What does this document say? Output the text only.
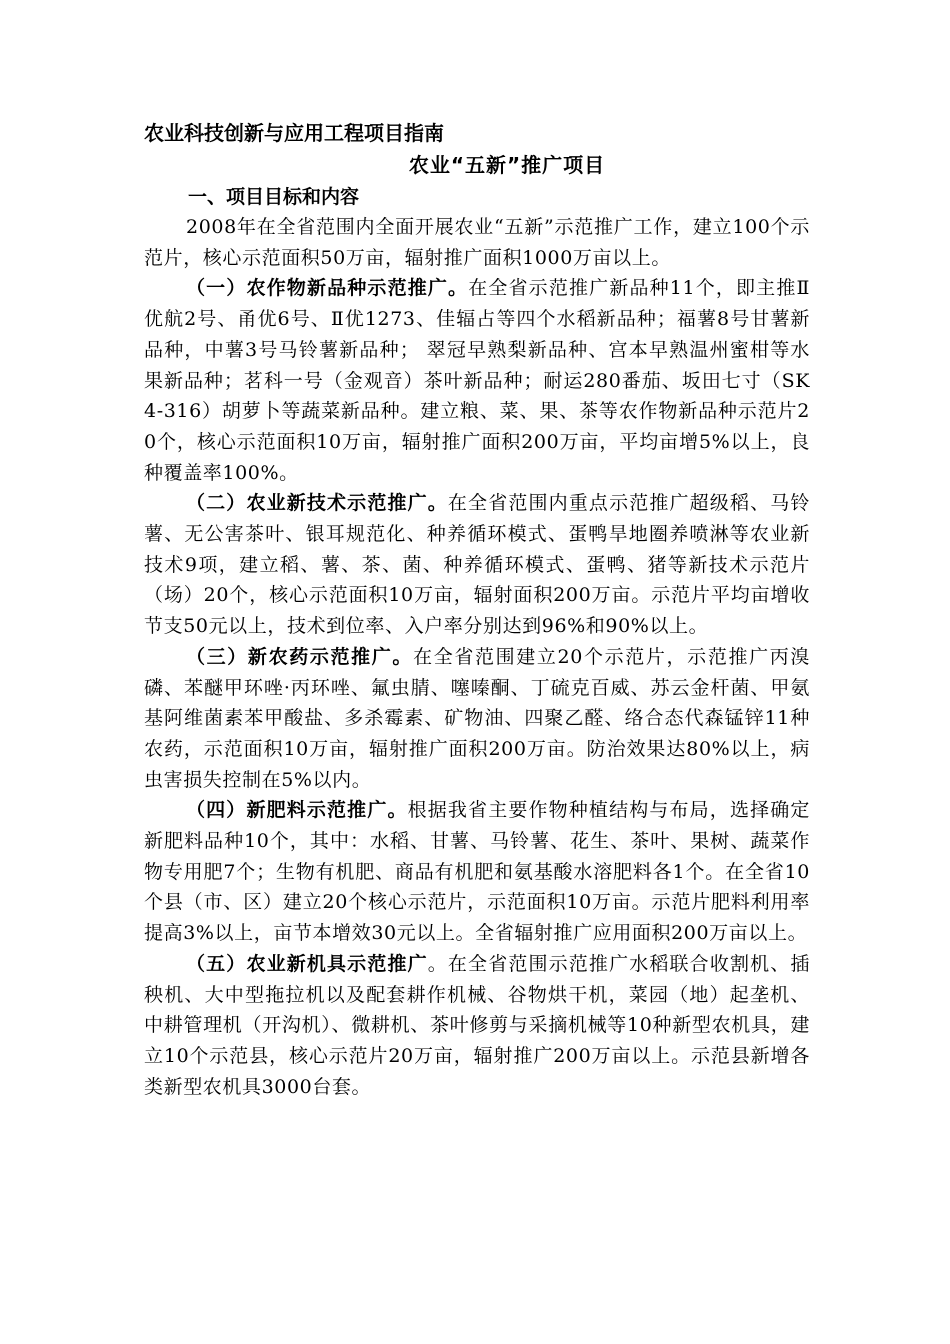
农业科技创新与应用工程项目指南
农业“五新”推广项目
一、项目目标和内容

2008年在全省范围内全面开展农业“五新”示范推广工作，建立100个示范片，核心示范面积50万亩，辐射推广面积1000万亩以上。

（一）农作物新品种示范推广。在全省示范推广新品种11个，即主推Ⅱ优航2号、甬优6号、Ⅱ优1273、佳辐占等四个水稻新品种；福薯8号甘薯新品种，中薯3号马铃薯新品种； 翠冠早熟梨新品种、宫本早熟温州蜜柑等水果新品种；茗科一号（金观音）茶叶新品种；耐运280番茄、坂田七寸（SK4-316）胡萝卜等蔬菜新品种。建立粮、菜、果、茶等农作物新品种示范片20个，核心示范面积10万亩，辐射推广面积200万亩，平均亩增5%以上，良种覆盖率100%。

（二）农业新技术示范推广。在全省范围内重点示范推广超级稻、马铃薯、无公害茶叶、银耳规范化、种养循环模式、蛋鸭旱地圈养喷淋等农业新技术9项，建立稻、薯、茶、菌、种养循环模式、蛋鸭、猪等新技术示范片（场）20个，核心示范面积10万亩，辐射面积200万亩。示范片平均亩增收节支50元以上，技术到位率、入户率分别达到96%和90%以上。

（三）新农药示范推广。在全省范围建立20个示范片，示范推广丙溴磷、苯醚甲环唑·丙环唑、氟虫腈、噻嗪酮、丁硫克百威、苏云金杆菌、甲氨基阿维菌素苯甲酸盐、多杀霉素、矿物油、四聚乙醛、络合态代森锰锌11种农药，示范面积10万亩，辐射推广面积200万亩。防治效果达80%以上，病虫害损失控制在5%以内。

（四）新肥料示范推广。根据我省主要作物种植结构与布局，选择确定新肥料品种10个，其中：水稻、甘薯、马铃薯、花生、茶叶、果树、蔬菜作物专用肥7个；生物有机肥、商品有机肥和氨基酸水溶肥料各1个。在全省10个县（市、区）建立20个核心示范片，示范面积10万亩。示范片肥料利用率提高3%以上，亩节本增效30元以上。全省辐射推广应用面积200万亩以上。

（五）农业新机具示范推广。在全省范围示范推广水稻联合收割机、插秧机、大中型拖拉机以及配套耕作机械、谷物烘干机，菜园（地）起垄机、中耕管理机（开沟机）、微耕机、茶叶修剪与采摘机械等10种新型农机具，建立10个示范县，核心示范片20万亩，辐射推广200万亩以上。示范县新增各类新型农机具3000台套。
